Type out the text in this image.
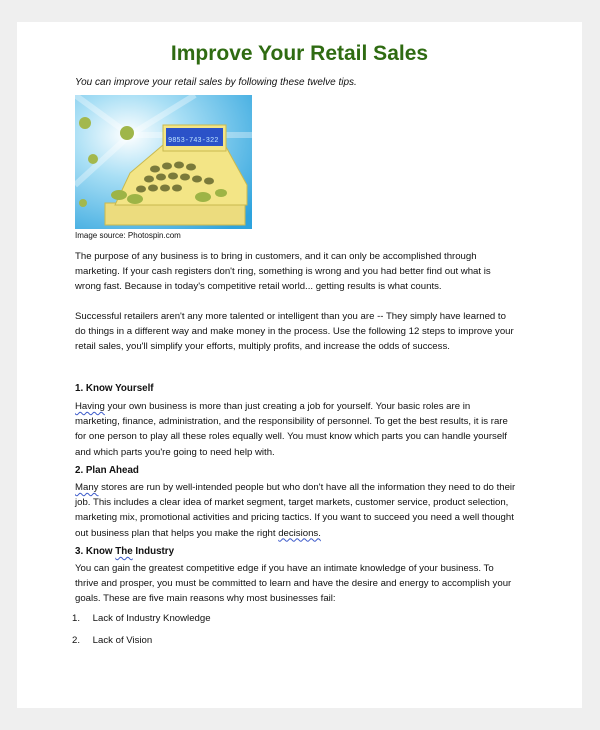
Improve Your Retail Sales
You can improve your retail sales by following these twelve tips.
9853-743-322
Image source: Photospin.com
The purpose of any business is to bring in customers, and it can only be accomplished through marketing. If your cash registers don't ring, something is wrong and you had better find out what is wrong fast. Because in today's competitive retail world... getting results is what counts.
Successful retailers aren't any more talented or intelligent than you are -- They simply have learned to do things in a different way and make money in the process. Use the following 12 steps to improve your retail sales, you'll simplify your efforts, multiply profits, and increase the odds of success.
1. Know Yourself
Having your own business is more than just creating a job for yourself. Your basic roles are in marketing, finance, administration, and the responsibility of personnel. To get the best results, it is rare for one person to play all these roles equally well. You must know which parts you can handle yourself and which parts you're going to need help with.
2. Plan Ahead
Many stores are run by well-intended people but who don't have all the information they need to do their job. This includes a clear idea of market segment, target markets, customer service, product selection, marketing mix, promotional activities and pricing tactics. If you want to succeed you need a well thought out business plan that helps you make the right decisions.
3. Know The Industry
You can gain the greatest competitive edge if you have an intimate knowledge of your business. To thrive and prosper, you must be committed to learn and have the desire and energy to accomplish your goals. These are five main reasons why most businesses fail:
1. Lack of Industry Knowledge
2. Lack of Vision
